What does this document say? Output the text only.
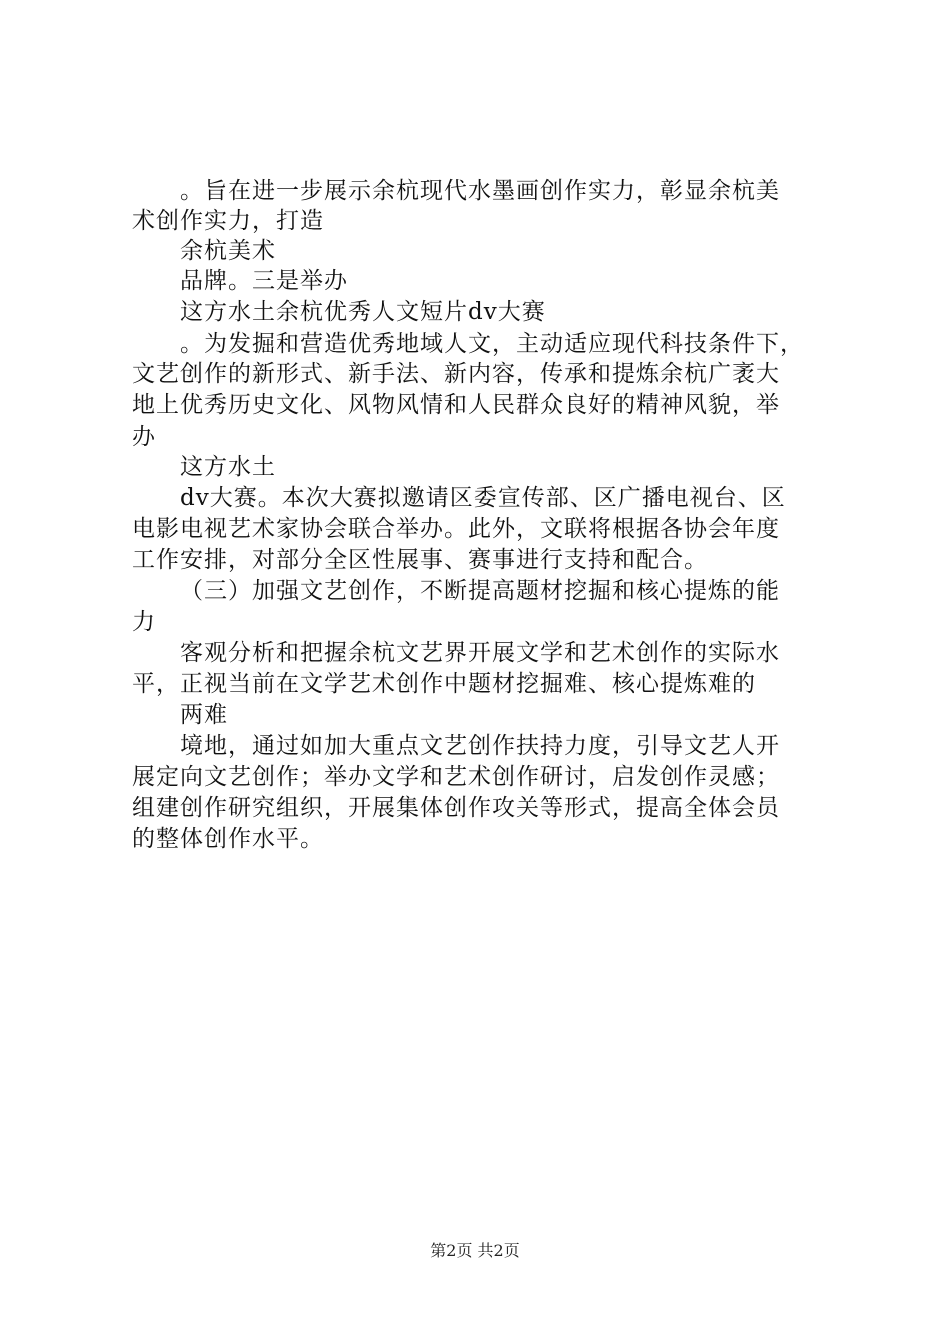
。旨在进一步展示余杭现代水墨画创作实力，彰显余杭美
术创作实力，打造
余杭美术
品牌。三是举办
这方水土余杭优秀人文短片dv大赛
。为发掘和营造优秀地域人文，主动适应现代科技条件下，
文艺创作的新形式、新手法、新内容，传承和提炼余杭广袤大
地上优秀历史文化、风物风情和人民群众良好的精神风貌，举
办
这方水土
dv大赛。本次大赛拟邀请区委宣传部、区广播电视台、区
电影电视艺术家协会联合举办。此外，文联将根据各协会年度
工作安排，对部分全区性展事、赛事进行支持和配合。
（三）加强文艺创作，不断提高题材挖掘和核心提炼的能
力
客观分析和把握余杭文艺界开展文学和艺术创作的实际水
平，正视当前在文学艺术创作中题材挖掘难、核心提炼难的
两难
境地，通过如加大重点文艺创作扶持力度，引导文艺人开
展定向文艺创作；举办文学和艺术创作研讨，启发创作灵感；
组建创作研究组织，开展集体创作攻关等形式，提高全体会员
的整体创作水平。
第2页 共2页
